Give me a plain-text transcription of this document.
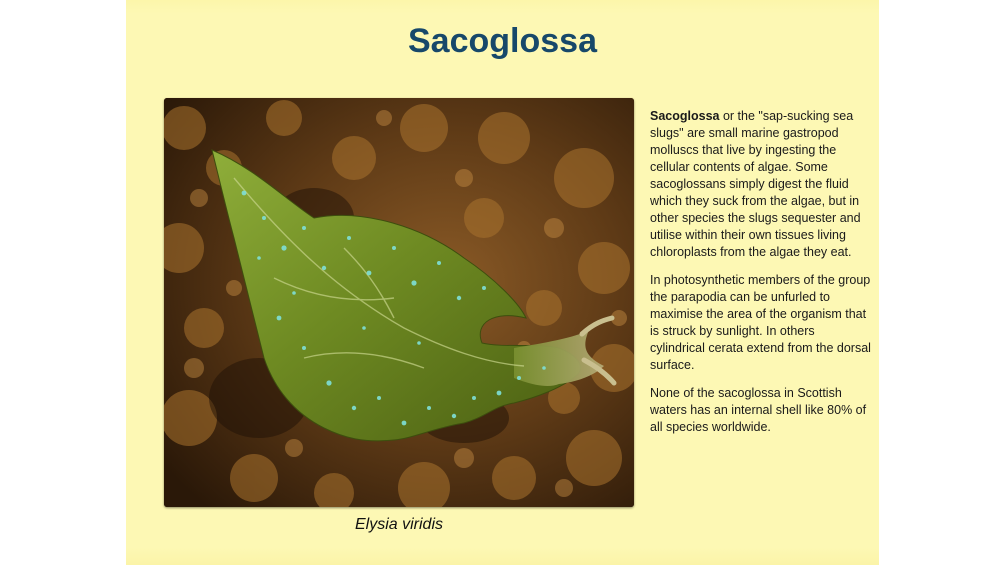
Sacoglossa

Elysia viridis

Sacoglossa or the "sap-sucking sea slugs" are small marine gastropod molluscs that live by ingesting the cellular contents of algae. Some sacoglossans simply digest the fluid which they suck from the algae, but in other species the slugs sequester and utilise within their own tissues living chloroplasts from the algae they eat.

In photosynthetic members of the group the parapodia can be unfurled to maximise the area of the organism that is struck by sunlight. In others cylindrical cerata extend from the dorsal surface.

None of the sacoglossa in Scottish waters has an internal shell like 80% of all species worldwide.
